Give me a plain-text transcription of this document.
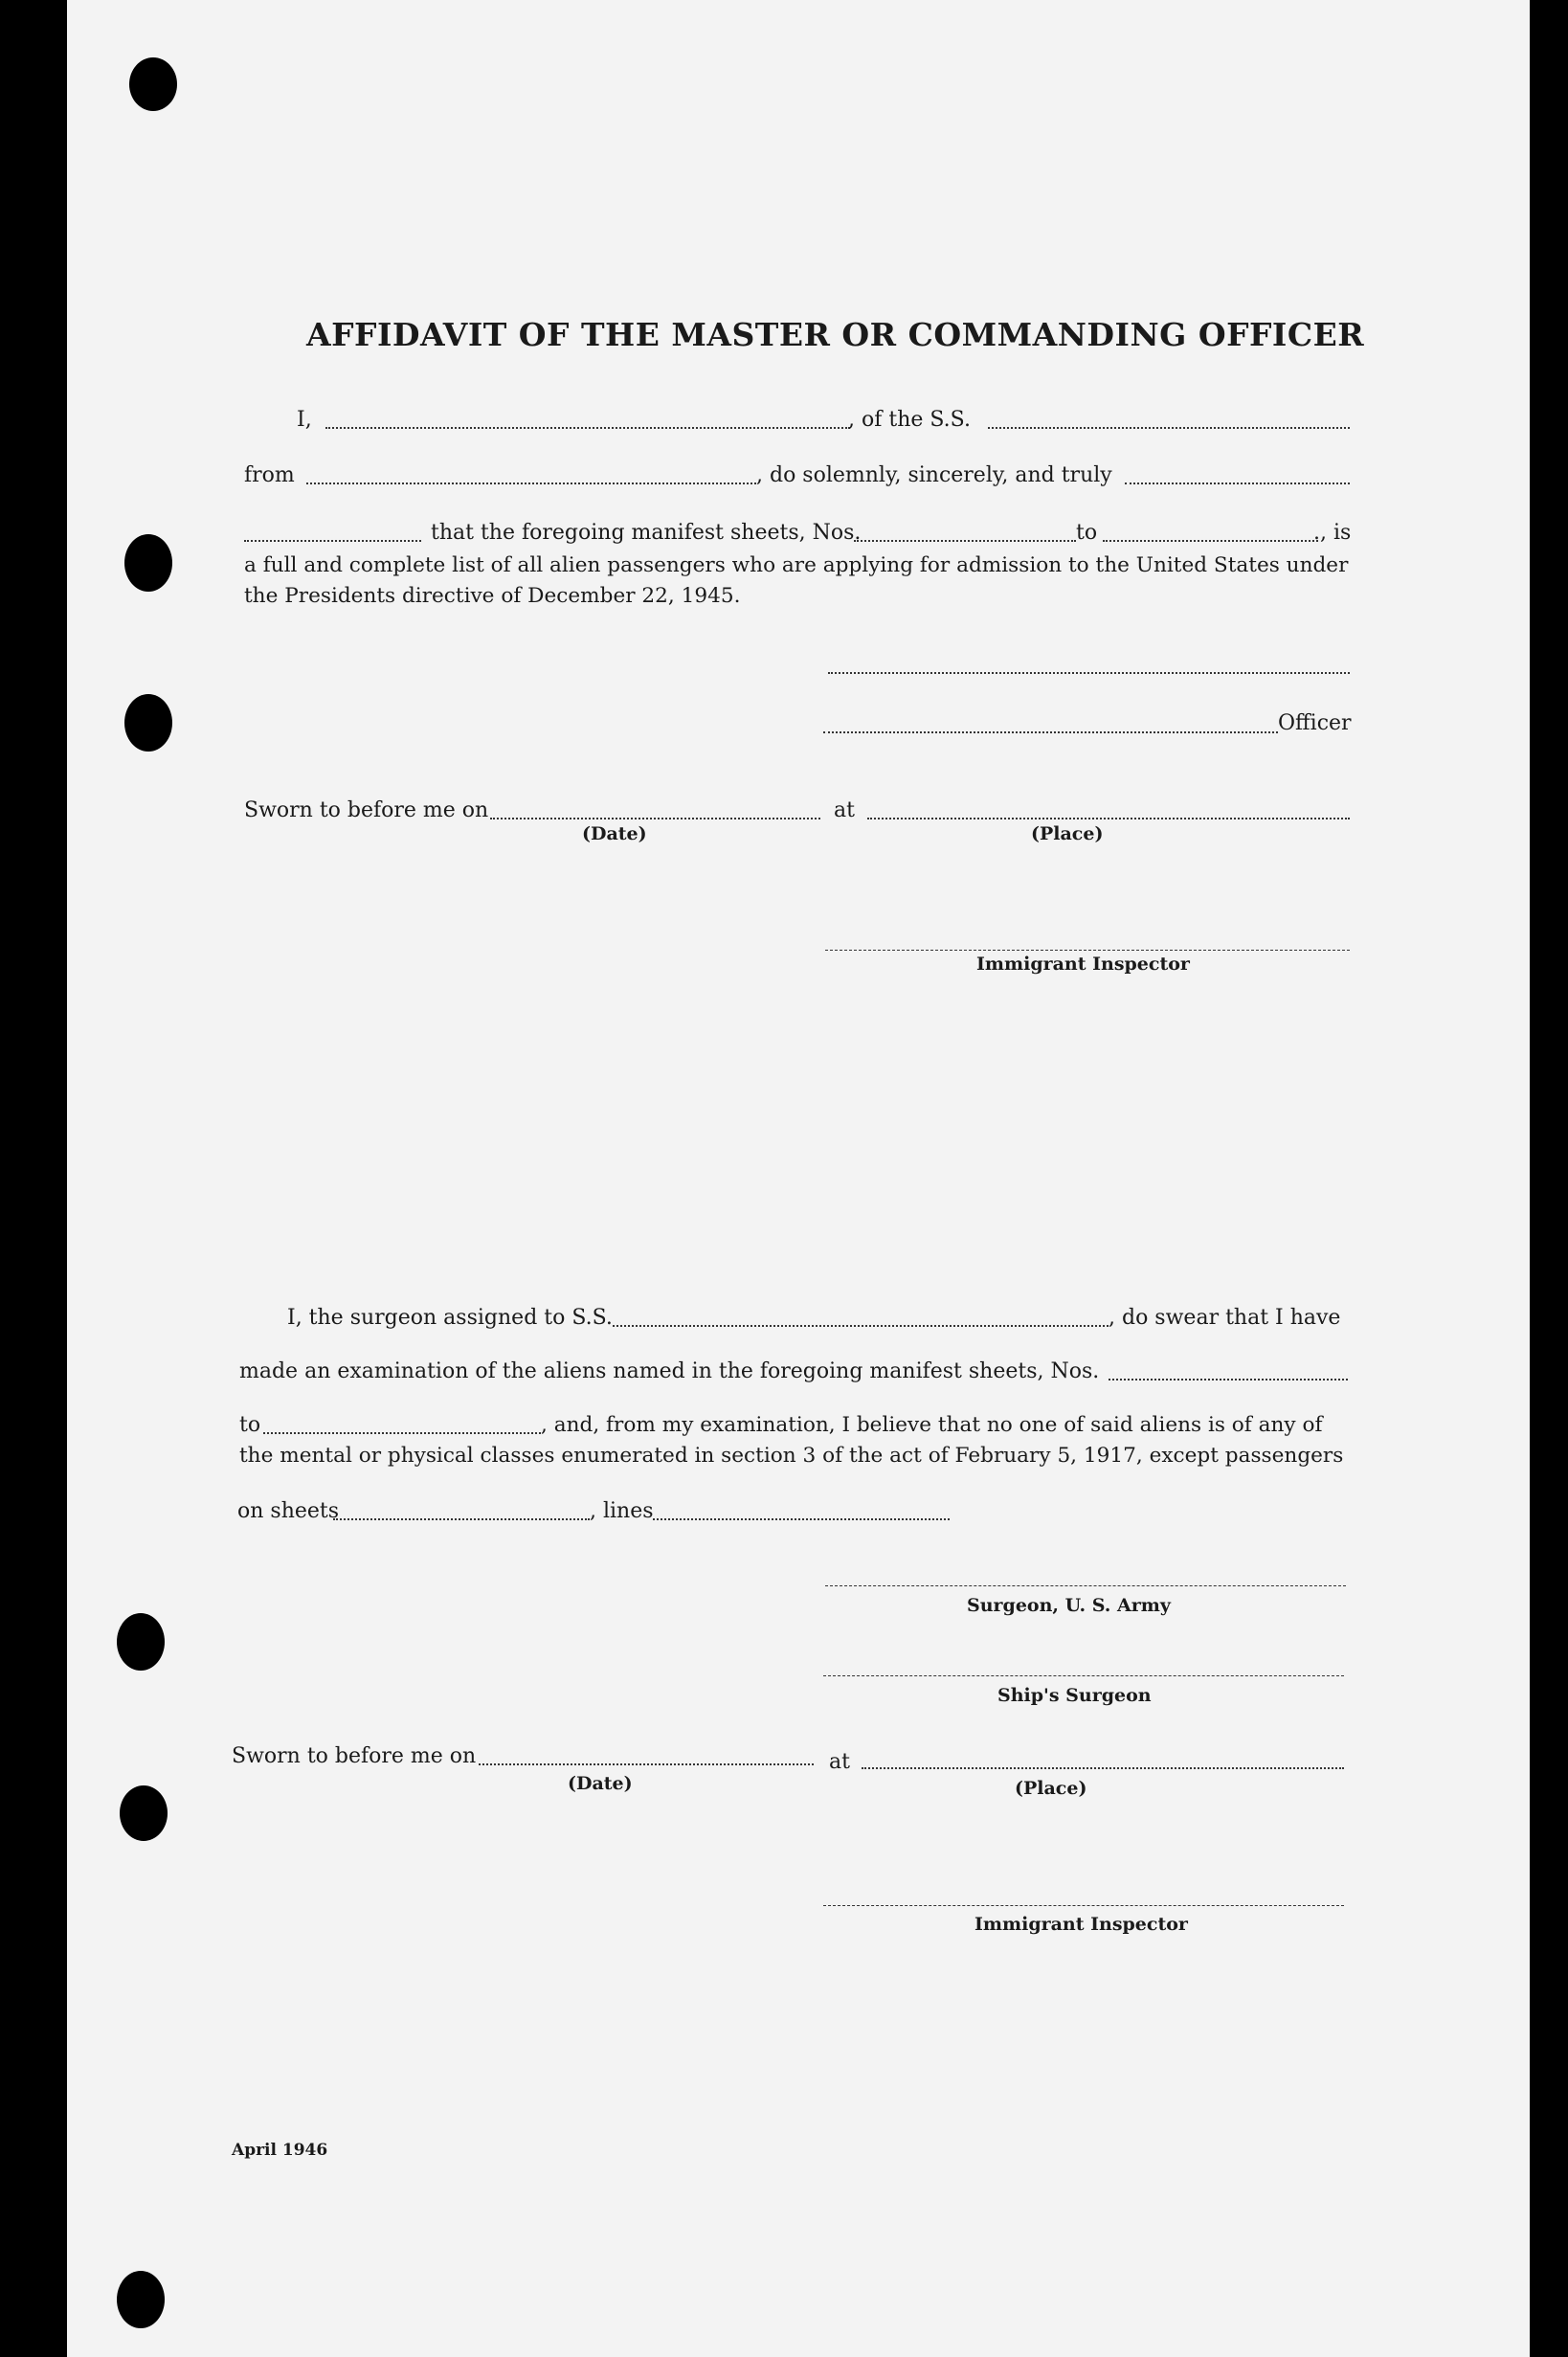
AFFIDAVIT OF THE MASTER OR COMMANDING OFFICER
I,	, of the S.S.
from	, do solemnly, sincerely, and truly
that the foregoing manifest sheets, Nos.	to	., is
a full and complete list of all alien passengers who are applying for admission to the United States under
the Presidents directive of December 22, 1945.
Officer
Sworn to before me on	at
(Date)	(Place)
Immigrant Inspector
I, the surgeon assigned to S.S.	, do swear that I have
made an examination of the aliens named in the foregoing manifest sheets, Nos.
to	, and, from my examination, I believe that no one of said aliens is of any of
the mental or physical classes enumerated in section 3 of the act of February 5, 1917, except passengers
on sheets	, lines
Surgeon, U. S. Army
Ship's Surgeon
Sworn to before me on	at
(Date)	(Place)
Immigrant Inspector
April 1946
